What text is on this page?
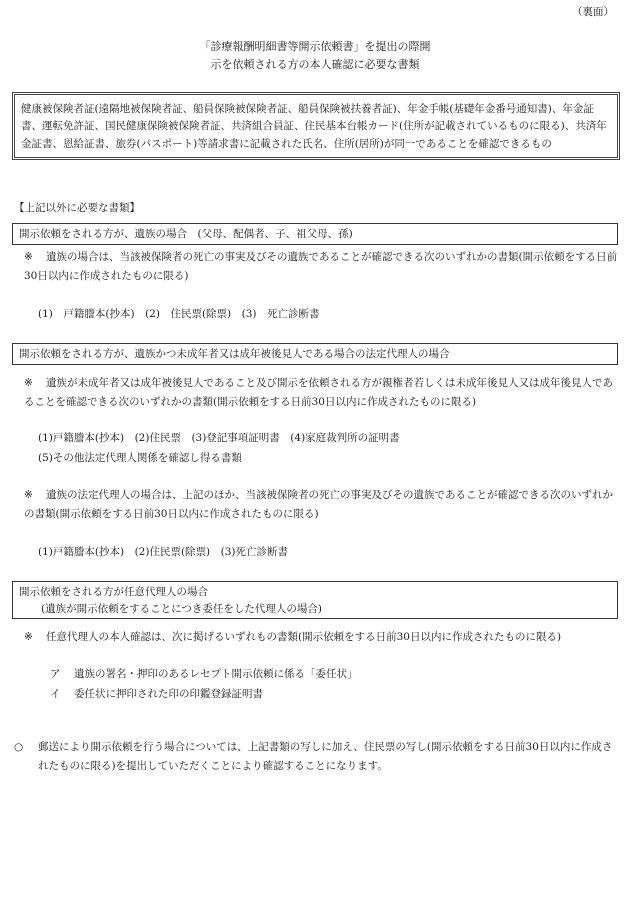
（裏面）
「診療報酬明細書等開示依頼書」を提出の際開
示を依頼される方の本人確認に必要な書類
健康被保険者証(遠隔地被保険者証、船員保険被保険者証、船員保険被扶養者証)、年金手帳(基礎年金番号通知書)、年金証書、運転免許証、国民健康保険被保険者証、共済組合員証、住民基本台帳カード(住所が記載されているものに限る)、共済年金証書、恩給証書、旅券(パスポート)等請求書に記載された氏名、住所(居所)が同一であることを確認できるもの
【上記以外に必要な書類】
開示依頼をされる方が、遺族の場合　(父母、配偶者、子、祖父母、孫)
※ 遺族の場合は、当該被保険者の死亡の事実及びその遺族であることが確認できる次のいずれかの書類(開示依頼をする日前30日以内に作成されたものに限る)
(1)　戸籍謄本(抄本)　(2)　住民票(除票)　(3)　死亡診断書
開示依頼をされる方が、遺族かつ未成年者又は成年被後見人である場合の法定代理人の場合
※ 遺族が未成年者又は成年被後見人であること及び開示を依頼される方が親権者若しくは未成年後見人又は成年後見人であることを確認できる次のいずれかの書類(開示依頼をする日前30日以内に作成されたものに限る)
(1)戸籍謄本(抄本)　(2)住民票　(3)登記事項証明書　(4)家庭裁判所の証明書
(5)その他法定代理人関係を確認し得る書類
※ 遺族の法定代理人の場合は、上記のほか、当該被保険者の死亡の事実及びその遺族であることが確認できる次のいずれかの書類(開示依頼をする日前30日以内に作成されたものに限る)
(1)戸籍謄本(抄本)　(2)住民票(除票)　(3)死亡診断書
開示依頼をされる方が任意代理人の場合
(遺族が開示依頼をすることにつき委任をした代理人の場合)
※ 任意代理人の本人確認は、次に掲げるいずれもの書類(開示依頼をする日前30日以内に作成されたものに限る)
ア 遺族の署名・押印のあるレセプト開示依頼に係る「委任状」
イ 委任状に押印された印の印鑑登録証明書
○ 郵送により開示依頼を行う場合については、上記書類の写しに加え、住民票の写し(開示依頼をする日前30日以内に作成されたものに限る)を提出していただくことにより確認することになります。
